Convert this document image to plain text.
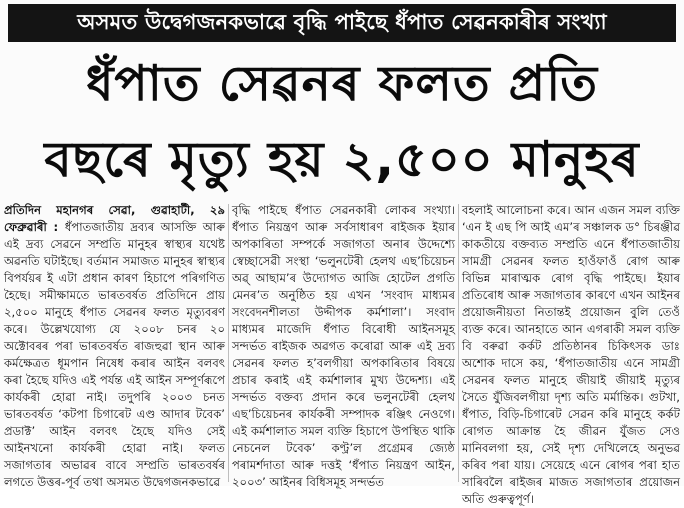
অসমত উদ্বেগজনকভাৱে বৃদ্ধি পাইছে ধঁপাত সেৱনকাৰীৰ সংখ্যা
ধঁপাত সেৱনৰ ফলত প্ৰতি
বছৰে মৃত্যু হয় ২,৫০০ মানুহৰ
প্ৰতিদিন মহানগৰ সেৱা, গুৱাহাটী, ২৯ ফেব্ৰুৱাৰী : ধঁপাতজাতীয় দ্ৰব্যৰ আসক্তি আৰু এই দ্ৰব্য সেৱনে সম্প্ৰতি মানুহৰ স্বাস্থ্যৰ যথেষ্ট অৱনতি ঘটাইছে। বৰ্তমান সমাজত মানুহৰ স্বাস্থ্যৰ বিপৰ্যয়ৰ ই এটা প্ৰধান কাৰণ হিচাপে পৰিগণিত হৈছে। সমীক্ষামতে ভাৰতবৰ্ষত প্ৰতিদিনে প্ৰায় ২,৫০০ মানুহে ধঁপাত সেৱনৰ ফলত মৃত্যুবৰণ কৰে। উল্লেখযোগ্য যে ২০০৮ চনৰ ২০ অক্টোবৰৰ পৰা ভাৰতবৰ্ষত ৰাজহুৱা স্থান আৰু কৰ্মক্ষেত্ৰত ধূমপান নিষেধ কৰাৰ আইন বলবৎ কৰা হৈছে যদিও এই পৰ্যন্ত এই আইন সম্পূৰ্ণৰূপে কাৰ্যকৰী হোৱা নাই। তদুপৰি ২০০৩ চনত ভাৰতবৰ্ষত ‘কটপা চিগাৰেট এণ্ড আদাৰ টবেক’ প্ৰডাক্ট’ আইন বলবৎ হৈছে যদিও সেই আইনখনো কাৰ্যকৰী হোৱা নাই। ফলত সজাগতাৰ অভাৱৰ বাবে সম্প্ৰতি ভাৰতবৰ্ষৰ লগতে উত্তৰ-পূৰ্ব তথা অসমত উদ্বেগজনকভাৱে
বৃদ্ধি পাইছে ধঁপাত সেৱনকাৰী লোকৰ সংখ্যা। ধঁপাত নিয়ন্ত্ৰণ আৰু সৰ্বসাধাৰণ ৰাইজক ইয়াৰ অপকাৰিতা সম্পৰ্কে সজাগতা অনাৰ উদ্দেশ্যে স্বেচ্ছাসেৱী সংস্থা ‘ভলুনটেৰী হেলথ এছ’চিয়েচন অৱ্ আছাম’ৰ উদ্যোগত আজি হোটেল প্ৰগতি মেনৰ’ত অনুষ্ঠিত হয় এখন ‘সংবাদ মাধ্যমৰ সংবেদনশীলতা উদ্দীপক কৰ্মশালা’। সংবাদ মাধ্যমৰ মাজেদি ধঁপাত বিৰোধী আইনসমূহ সন্দৰ্ভত ৰাইজক অৱগত কৰোৱা আৰু এই দ্ৰব্য সেৱনৰ ফলত হ’বলগীয়া অপকাৰিতাৰ বিষয়ে প্ৰচাৰ কৰাই এই কৰ্মশালাৰ মুখ্য উদ্দেশ্য। এই সন্দৰ্ভত বক্তব্য প্ৰদান কৰে ভলুনটেৰী হেলথ এছ’চিয়েচনৰ কাৰ্যকৰী সম্পাদক ৰঞ্জিৎ নেওগে। এই কৰ্মশালাত সমল ব্যক্তি হিচাপে উপস্থিত থাকি নেচনেল টবেক’ কণ্ট্ৰ’ল প্ৰগ্ৰেমৰ জ্যেষ্ঠ পৰামৰ্শদাতা আৰু দত্তই ‘ধঁপাত নিয়ন্ত্ৰণ আইন, ২০০৩’ আইনৰ বিধিসমূহ সন্দৰ্ভত
বহলাই আলোচনা কৰে। আন এজন সমল ব্যক্তি ‘এন ই এছ পি আই এম’ৰ সঞ্চালক ড° চিৰঞ্জীৱ কাকতীয়ে বক্তব্যত সম্প্ৰতি এনে ধঁপাতজাতীয় সামগ্ৰী সেৱনৰ ফলত হাওঁফাওঁ ৰোগ আৰু বিভিন্ন মাৰাত্মক ৰোগ বৃদ্ধি পাইছে। ইয়াৰ প্ৰতিৰোধ আৰু সজাগতাৰ কাৰণে এখন আইনৰ প্ৰয়োজনীয়তা নিতান্তই প্ৰয়োজন বুলি তেওঁ ব্যক্ত কৰে। আনহাতে আন এগৰাকী সমল ব্যক্তি বি বৰুৱা কৰ্কট প্ৰতিষ্ঠানৰ চিকিৎসক ডাঃ অশোক দাসে কয়, ‘ধঁপাতজাতীয় এনে সামগ্ৰী সেৱনৰ ফলত মানুহে জীয়াই জীয়াই মৃত্যুৰ সৈতে যুঁজিবলগীয়া দৃশ্য অতি মৰ্মান্তিক। গুটখা, ধঁপাত, বিড়ি-চিগাৰেট সেৱন কৰি মানুহে কৰ্কট ৰোগত আক্ৰান্ত হৈ জীৱন যুঁজত সেও মানিবলগা হয়, সেই দৃশ্য দেখিলেহে অনুভৱ কৰিব পৰা যায়। সেয়েহে এনে ৰোগৰ পৰা হাত সাৰিবলৈ ৰাইজৰ মাজত সজাগতাৰ প্ৰয়োজন অতি গুৰুত্বপূৰ্ণ।
